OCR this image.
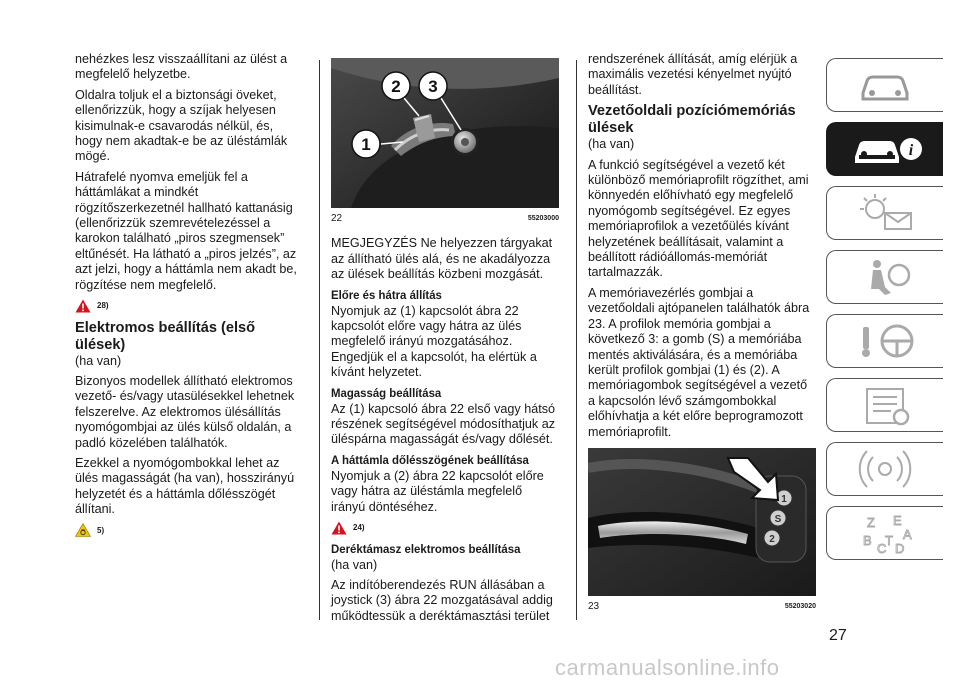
nehézkes lesz visszaállítani az ülést a megfelelő helyzetbe.

Oldalra toljuk el a biztonsági öveket, ellenőrizzük, hogy a szíjak helyesen kisimulnak-e csavarodás nélkül, és, hogy nem akadtak-e be az üléstámlák mögé.

Hátrafelé nyomva emeljük fel a háttámlákat a mindkét rögzítőszerkezetnél hallható kattanásig (ellenőrizzük szemrevételezéssel a karokon található „piros szegmensek” eltűnését. Ha látható a „piros jelzés”, az azt jelzi, hogy a háttámla nem akadt be, rögzítése nem megfelelő.

28)
Elektromos beállítás (első ülések)

(ha van)

Bizonyos modellek állítható elektromos vezető- és/vagy utasülésekkel lehetnek felszerelve. Az elektromos ülésállítás nyomógombjai az ülés külső oldalán, a padló közelében találhatók.

Ezekkel a nyomógombokkal lehet az ülés magasságát (ha van), hosszirányú helyzetét és a háttámla dőlésszögét állítani.

5)
1
2 3
22	55203000

MEGJEGYZÉS Ne helyezzen tárgyakat az állítható ülés alá, és ne akadályozza az ülések beállítás közbeni mozgását.

Előre és hátra állítás

Nyomjuk az (1) kapcsolót ábra 22 kapcsolót előre vagy hátra az ülés megfelelő irányú mozgatásához. Engedjük el a kapcsolót, ha elértük a kívánt helyzetet.

Magasság beállítása

Az (1) kapcsoló ábra 22 első vagy hátsó részének segítségével módosíthatjuk az üléspárna magasságát és/vagy dőlését.

A háttámla dőlésszögének beállítása

Nyomjuk a (2) ábra 22 kapcsolót előre vagy hátra az üléstámla megfelelő irányú döntéséhez.

24)
Deréktámasz elektromos beállítása

(ha van)

Az indítóberendezés RUN állásában a joystick (3) ábra 22 mozgatásával addig működtessük a deréktámasztási terület

rendszerének állítását, amíg elérjük a maximális vezetési kényelmet nyújtó beállítást.

Vezetőoldali pozíciómemóriás ülések

(ha van)

A funkció segítségével a vezető két különböző memóriaprofilt rögzíthet, ami könnyedén előhívható egy megfelelő nyomógomb segítségével. Ez egyes memóriaprofilok a vezetőülés kívánt helyzetének beállításait, valamint a beállított rádióállomás-memóriát tartalmazzák.

A memóriavezérlés gombjai a vezetőoldali ajtópanelen találhatók ábra 23. A profilok memória gombjai a következő 3: a gomb (S) a memóriába mentés aktiválására, és a memóriába került profilok gombjai (1) és (2). A memóriagombok segítségével a vezető a kapcsolón lévő számgombokkal előhívhatja a két előre beprogramozott memóriaprofilt.

1
S
2
23	55203020
i
Z E
A
B
D
C
T
27
carmanualsonline.info
